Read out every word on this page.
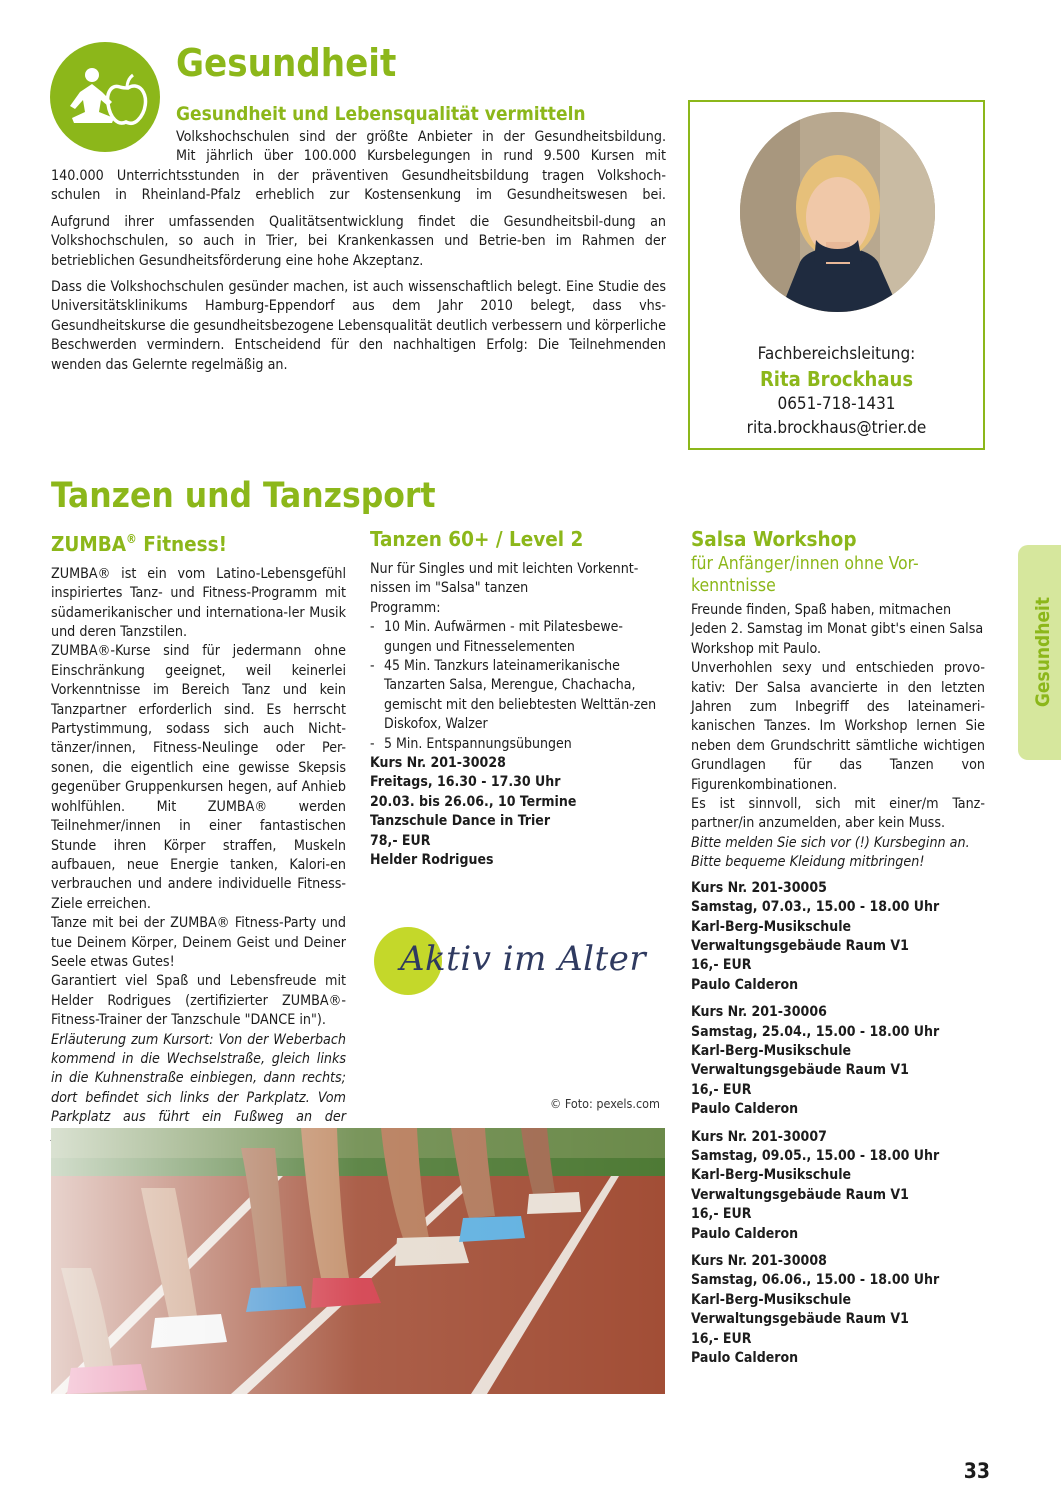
Gesundheit
Gesundheit und Lebensqualität vermitteln
Volkshochschulen sind der größte Anbieter in der Gesundheitsbildung.
Mit jährlich über 100.000 Kursbelegungen in rund 9.500 Kursen mit
140.000 Unterrichtsstunden in der präventiven Gesundheitsbildung tragen Volkshoch-
schulen in Rheinland-Pfalz erheblich zur Kostensenkung im Gesundheitswesen bei.

Aufgrund ihrer umfassenden Qualitätsentwicklung findet die Gesundheitsbil-dung an Volkshochschulen, so auch in Trier, bei Krankenkassen und Betrie-ben im Rahmen der betrieblichen Gesundheitsförderung eine hohe Akzeptanz.

Dass die Volkshochschulen gesünder machen, ist auch wissenschaftlich belegt. Eine Studie des Universitätsklinikums Hamburg-Eppendorf aus dem Jahr 2010 belegt, dass vhs-Gesundheitskurse die gesundheitsbezogene Lebensqualität deutlich verbessern und körperliche Beschwerden vermindern. Entscheidend für den nachhaltigen Erfolg: Die Teilnehmenden wenden das Gelernte regelmäßig an.

Fachbereichsleitung:
Rita Brockhaus
0651-718-1431
rita.brockhaus@trier.de
Tanzen und Tanzsport
Gesundheit
ZUMBA® Fitness!

ZUMBA® ist ein vom Latino-Lebensgefühl inspiriertes Tanz- und Fitness-Programm mit südamerikanischer und internationa-ler Musik und deren Tanzstilen.

ZUMBA®-Kurse sind für jedermann ohne Einschränkung geeignet, weil keinerlei Vorkenntnisse im Bereich Tanz und kein Tanzpartner erforderlich sind. Es herrscht Partystimmung, sodass sich auch Nicht-tänzer/innen, Fitness-Neulinge oder Per-sonen, die eigentlich eine gewisse Skepsis gegenüber Gruppenkursen hegen, auf Anhieb wohlfühlen. Mit ZUMBA® werden Teilnehmer/innen in einer fantastischen Stunde ihren Körper straffen, Muskeln aufbauen, neue Energie tanken, Kalori-en verbrauchen und andere individuelle Fitness-Ziele erreichen.

Tanze mit bei der ZUMBA® Fitness-Party und tue Deinem Körper, Deinem Geist und Deiner Seele etwas Gutes!

Garantiert viel Spaß und Lebensfreude mit Helder Rodrigues (zertifizierter ZUMBA®-Fitness-Trainer der Tanzschule "DANCE in").

Erläuterung zum Kursort: Von der Weberbach kommend in die Wechselstraße, gleich links in die Kuhnenstraße einbiegen, dann rechts; dort befindet sich links der Parkplatz. Vom Parkplatz aus führt ein Fußweg an der

Tanzen 60+ / Level 2

Nur für Singles und mit leichten Vorkennt-nissen im "Salsa" tanzen

Programm:

- 10 Min. Aufwärmen - mit Pilatesbewe-gungen und Fitnesselementen
- 45 Min. Tanzkurs lateinamerikanische Tanzarten Salsa, Merengue, Chachacha, gemischt mit den beliebtesten Welttän-zen Diskofox, Walzer
- 5 Min. Entspannungsübungen
Kurs Nr. 201-30028
Freitags, 16.30 - 17.30 Uhr
20.03. bis 26.06., 10 Termine
Tanzschule Dance in Trier
78,- EUR
Helder Rodrigues
Aktiv im Alter
© Foto: pexels.com
Salsa Workshop

für Anfänger/innen ohne Vor-kenntnisse

Freunde finden, Spaß haben, mitmachen Jeden 2. Samstag im Monat gibt's einen Salsa Workshop mit Paulo.

Unverhohlen sexy und entschieden provo-kativ: Der Salsa avancierte in den letzten Jahren zum Inbegriff des lateinameri-kanischen Tanzes. Im Workshop lernen Sie neben dem Grundschritt sämtliche wichtigen Grundlagen für das Tanzen von Figurenkombinationen.

Es ist sinnvoll, sich mit einer/m Tanz-partner/in anzumelden, aber kein Muss.

Bitte melden Sie sich vor (!) Kursbeginn an. Bitte bequeme Kleidung mitbringen!

Kurs Nr. 201-30005
Samstag, 07.03., 15.00 - 18.00 Uhr
Karl-Berg-Musikschule
Verwaltungsgebäude Raum V1
16,- EUR
Paulo Calderon
Kurs Nr. 201-30006
Samstag, 25.04., 15.00 - 18.00 Uhr
Karl-Berg-Musikschule
Verwaltungsgebäude Raum V1
16,- EUR
Paulo Calderon
Kurs Nr. 201-30007
Samstag, 09.05., 15.00 - 18.00 Uhr
Karl-Berg-Musikschule
Verwaltungsgebäude Raum V1
16,- EUR
Paulo Calderon
Kurs Nr. 201-30008
Samstag, 06.06., 15.00 - 18.00 Uhr
Karl-Berg-Musikschule
Verwaltungsgebäude Raum V1
16,- EUR
Paulo Calderon
33
